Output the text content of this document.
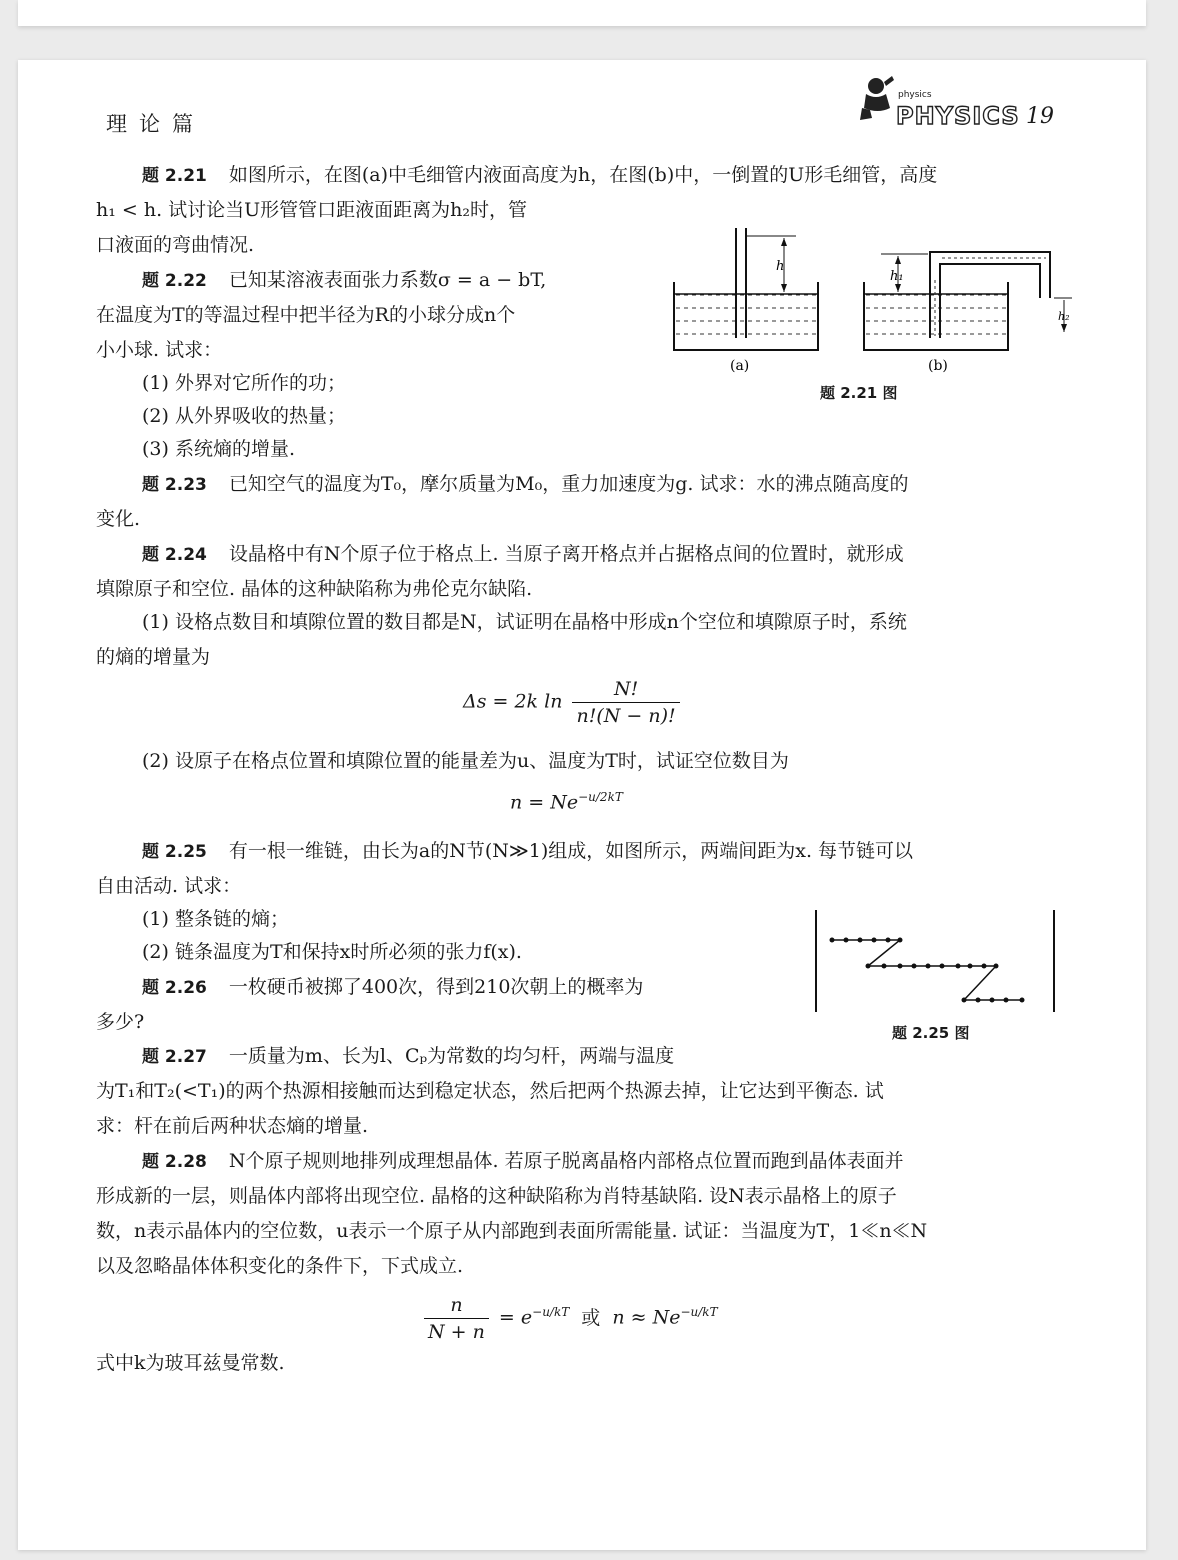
理论篇
physics
PHYSICS 19
题 2.21 如图所示，在图(a)中毛细管内液面高度为h，在图(b)中，一倒置的U形毛细管，高度
h₁ < h. 试讨论当U形管管口距液面距离为h₂时，管
口液面的弯曲情况.
h
(a)
h₁
h₂
(b)
题 2.21 图
题 2.22 已知某溶液表面张力系数σ = a − bT,
在温度为T的等温过程中把半径为R的小球分成n个
小小球. 试求：
(1) 外界对它所作的功；
(2) 从外界吸收的热量；
(3) 系统熵的增量.
题 2.23 已知空气的温度为T₀，摩尔质量为M₀，重力加速度为g. 试求：水的沸点随高度的
变化.
题 2.24 设晶格中有N个原子位于格点上. 当原子离开格点并占据格点间的位置时，就形成
填隙原子和空位. 晶体的这种缺陷称为弗伦克尔缺陷.
(1) 设格点数目和填隙位置的数目都是N，试证明在晶格中形成n个空位和填隙原子时，系统
的熵的增量为
Δs = 2k $\ln \frac{N!}{n!(N - n)!}$
(2) 设原子在格点位置和填隙位置的能量差为u、温度为T时，试证空位数目为
$n = Ne^{-u/2kT}$
题 2.25 有一根一维链，由长为a的N节(N≫1)组成，如图所示，两端间距为x. 每节链可以
自由活动. 试求：
(1) 整条链的熵；
(2) 链条温度为T和保持x时所必须的张力f(x).
题 2.25 图
题 2.26 一枚硬币被掷了400次，得到210次朝上的概率为
多少?
题 2.27 一质量为m、长为l、Cₚ为常数的均匀杆，两端与温度
为T₁和T₂(<T₁)的两个热源相接触而达到稳定状态，然后把两个热源去掉，让它达到平衡态. 试
求：杆在前后两种状态熵的增量.
题 2.28 N个原子规则地排列成理想晶体. 若原子脱离晶格内部格点位置而跑到晶体表面并
形成新的一层，则晶体内部将出现空位. 晶格的这种缺陷称为肖特基缺陷. 设N表示晶格上的原子
数，n表示晶体内的空位数，u表示一个原子从内部跑到表面所需能量. 试证：当温度为T，1≪n≪N
以及忽略晶体体积变化的条件下，下式成立.
$\frac{n}{N + n} = e^{-u/kT}$ 或 $n \approx Ne^{-u/kT}$
式中k为玻耳兹曼常数.
